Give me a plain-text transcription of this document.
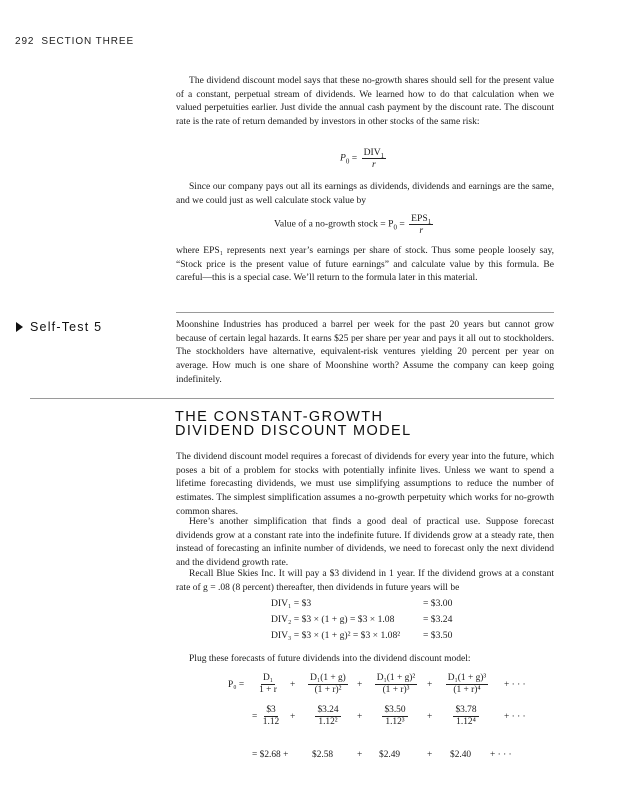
292 SECTION THREE
The dividend discount model says that these no-growth shares should sell for the present value of a constant, perpetual stream of dividends. We learned how to do that calculation when we valued perpetuities earlier. Just divide the annual cash payment by the discount rate. The discount rate is the rate of return demanded by investors in other stocks of the same risk:
$P_0 = \frac{DIV_1}{r}$
Since our company pays out all its earnings as dividends, dividends and earnings are the same, and we could just as well calculate stock value by
Value of a no-growth stock = $P_0 = \frac{EPS_1}{r}$
where EPS₁ represents next year’s earnings per share of stock. Thus some people loosely say, “Stock price is the present value of future earnings” and calculate value by this formula. Be careful—this is a special case. We’ll return to the formula later in this material.
Self-Test 5	Moonshine Industries has produced a barrel per week for the past 20 years but cannot grow because of certain legal hazards. It earns $25 per share per year and pays it all out to stockholders. The stockholders have alternative, equivalent-risk ventures yielding 20 percent per year on average. How much is one share of Moonshine worth? Assume the company can keep going indefinitely.
THE CONSTANT-GROWTH
DIVIDEND DISCOUNT MODEL
The dividend discount model requires a forecast of dividends for every year into the future, which poses a bit of a problem for stocks with potentially infinite lives. Unless we want to spend a lifetime forecasting dividends, we must use simplifying assumptions to reduce the number of estimates. The simplest simplification assumes a no-growth perpetuity which works for no-growth common shares.
Here’s another simplification that finds a good deal of practical use. Suppose forecast dividends grow at a constant rate into the indefinite future. If dividends grow at a steady rate, then instead of forecasting an infinite number of dividends, we need to forecast only the next dividend and the dividend growth rate.
Recall Blue Skies Inc. It will pay a $3 dividend in 1 year. If the dividend grows at a constant rate of g = .08 (8 percent) thereafter, then dividends in future years will be
DIV₁ = $3	= $3.00
DIV₂ = $3 × (1 + g) = $3 × 1.08	= $3.24
DIV₃ = $3 × (1 + g)² = $3 × 1.08² = $3.50
Plug these forecasts of future dividends into the dividend discount model:
$P_0 = \frac{\text{D₁}}{1 + r} + \frac{\text{D₁(1 + g)}}{\text{(1 + r)²}} + \frac{\text{D₁(1 + g)²}}{\text{(1 + r)³}} + \frac{\text{D₁(1 + g)³}}{\text{(1 + r)⁴}}$ + · · ·
= $\frac{\$3}{1.12} + \frac{\$3.24}{\text{1.12²}} + \frac{\$3.50}{\text{1.12³}} + \frac{\$3.78}{\text{1.12⁴}}$	+ · · ·
= $2.68 +	$2.58	+ $2.49	+ $2.40 + · · ·
